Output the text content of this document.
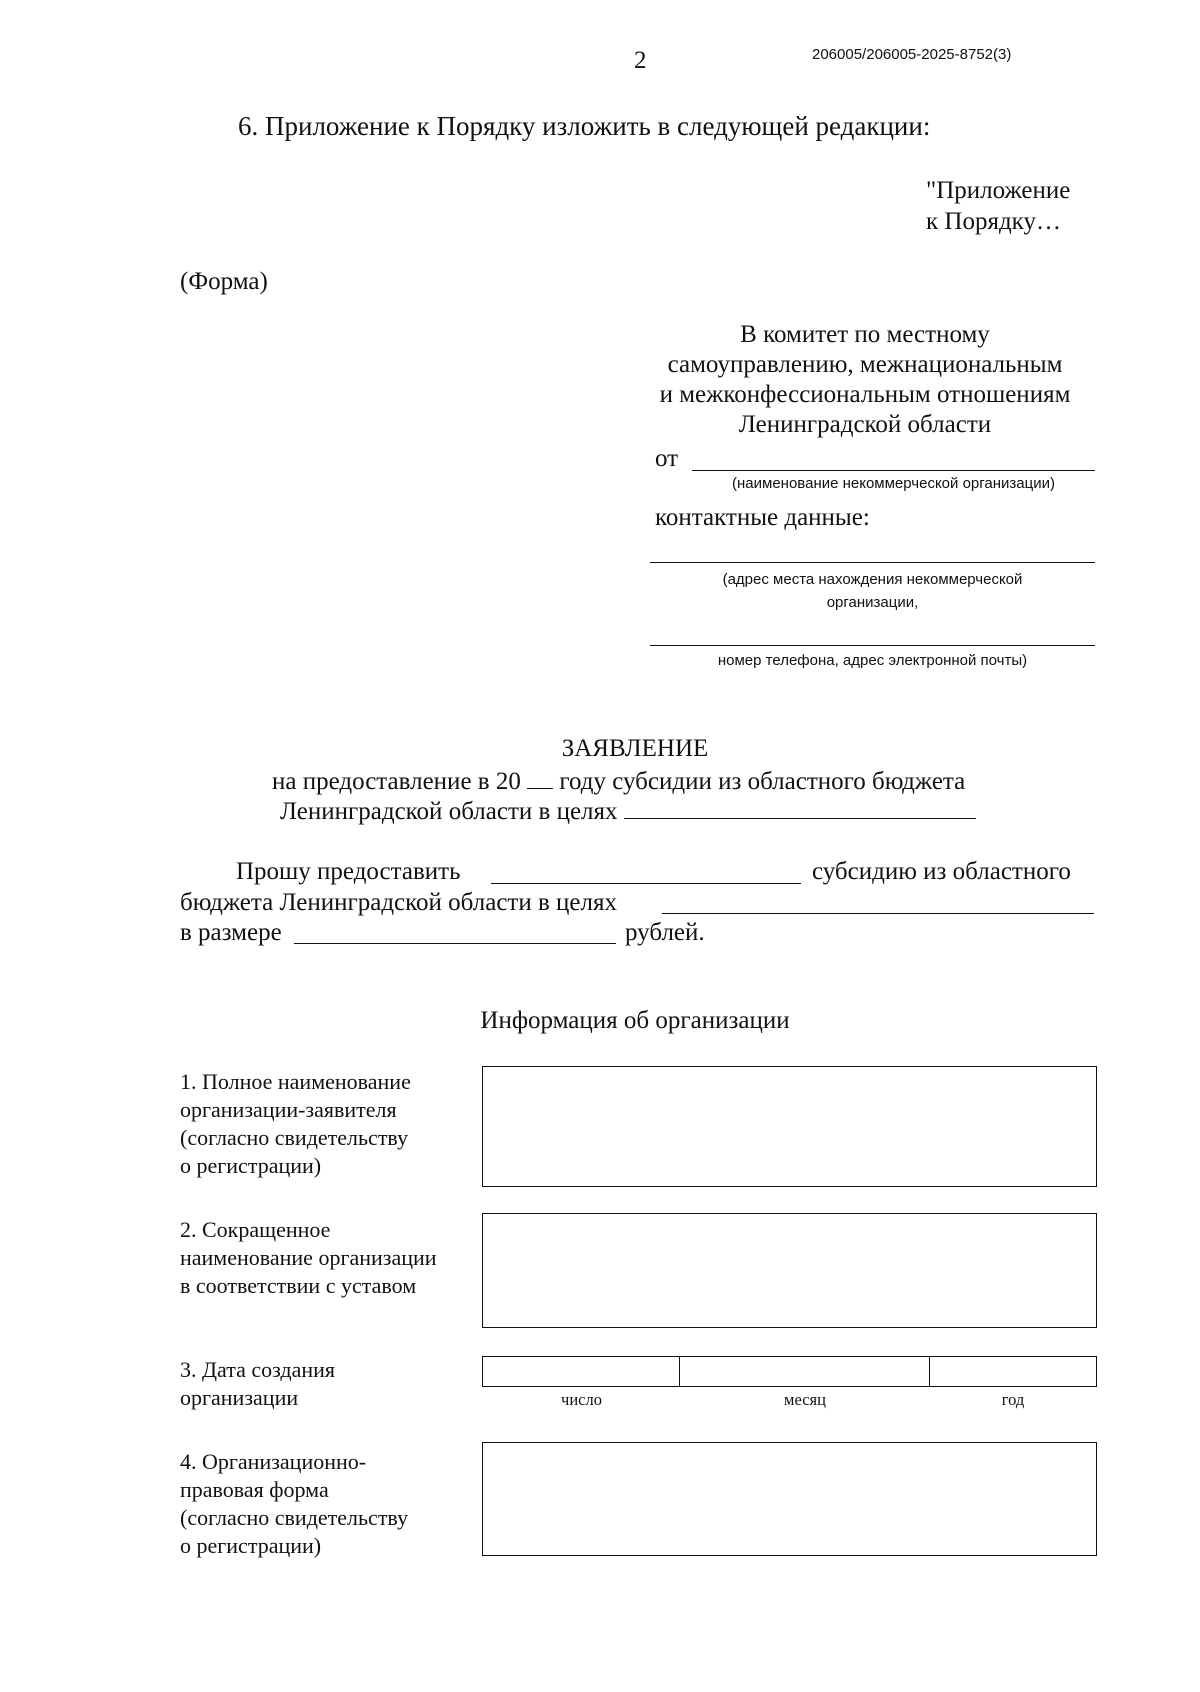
2	206005/206005-2025-8752(3)
6. Приложение к Порядку изложить в следующей редакции:
"Приложение
к Порядку…
(Форма)
В комитет по местному
самоуправлению, межнациональным
и межконфессиональным отношениям
Ленинградской области
от
(наименование некоммерческой организации)
контактные данные:
(адрес места нахождения некоммерческой
организации,
номер телефона, адрес электронной почты)
ЗАЯВЛЕНИЕ
на предоставление в 20 году субсидии из областного бюджета
Ленинградской области в целях
Прошу предоставить	субсидию из областного
бюджета Ленинградской области в целях
в размере	рублей.
Информация об организации
1. Полное наименование
организации-заявителя
(согласно свидетельству
о регистрации)
2. Сокращенное
наименование организации
в соответствии с уставом
3. Дата создания
организации	число	месяц	год
4. Организационно-
правовая форма
(согласно свидетельству
о регистрации)
